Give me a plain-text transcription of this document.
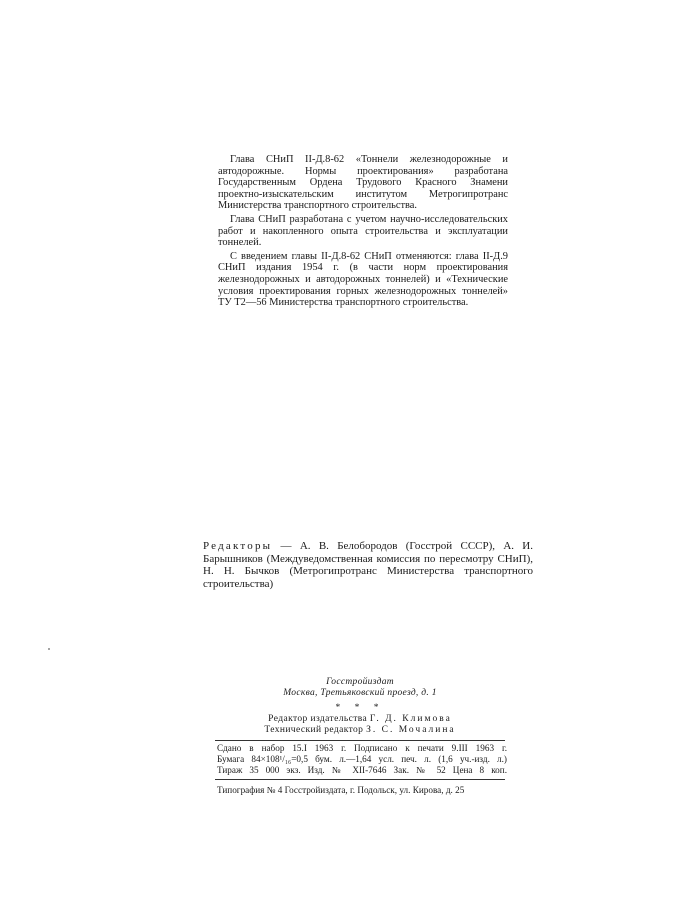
Глава СНиП II-Д.8-62 «Тоннели железнодорожные и автодорожные. Нормы проектирования» разработана Государственным Ордена Трудового Красного Знамени проектно-изыскательским институтом Метрогипротранс Министерства транспортного строительства.

Глава СНиП разработана с учетом научно-исследовательских работ и накопленного опыта строительства и эксплуатации тоннелей.

С введением главы II-Д.8-62 СНиП отменяются: глава II-Д.9 СНиП издания 1954 г. (в части норм проектирования железнодорожных и автодорожных тоннелей) и «Технические условия проектирования горных железнодорожных тоннелей» ТУ Т2—56 Министерства транспортного строительства.

Редакторы — А. В. Белобородов (Госстрой СССР), А. И. Барышников (Междуведомственная комиссия по пересмотру СНиП), Н. Н. Бычков (Метрогипротранс Министерства транспортного строительства)

Госстройиздат
Москва, Третьяковский проезд, д. 1
* * *
Редактор издательства Г. Д. Климова
Технический редактор З. С. Мочалина

Сдано в набор 15.I 1963 г. Подписано к печати 9.III 1963 г.

Бумага 84×108¹/₁₆=0,5 бум. л.—1,64 усл. печ. л. (1,6 уч.-изд. л.)

Тираж 35 000 экз. Изд. № XII-7646 Зак. № 52 Цена 8 коп.

Типография № 4 Госстройиздата, г. Подольск, ул. Кирова, д. 25
